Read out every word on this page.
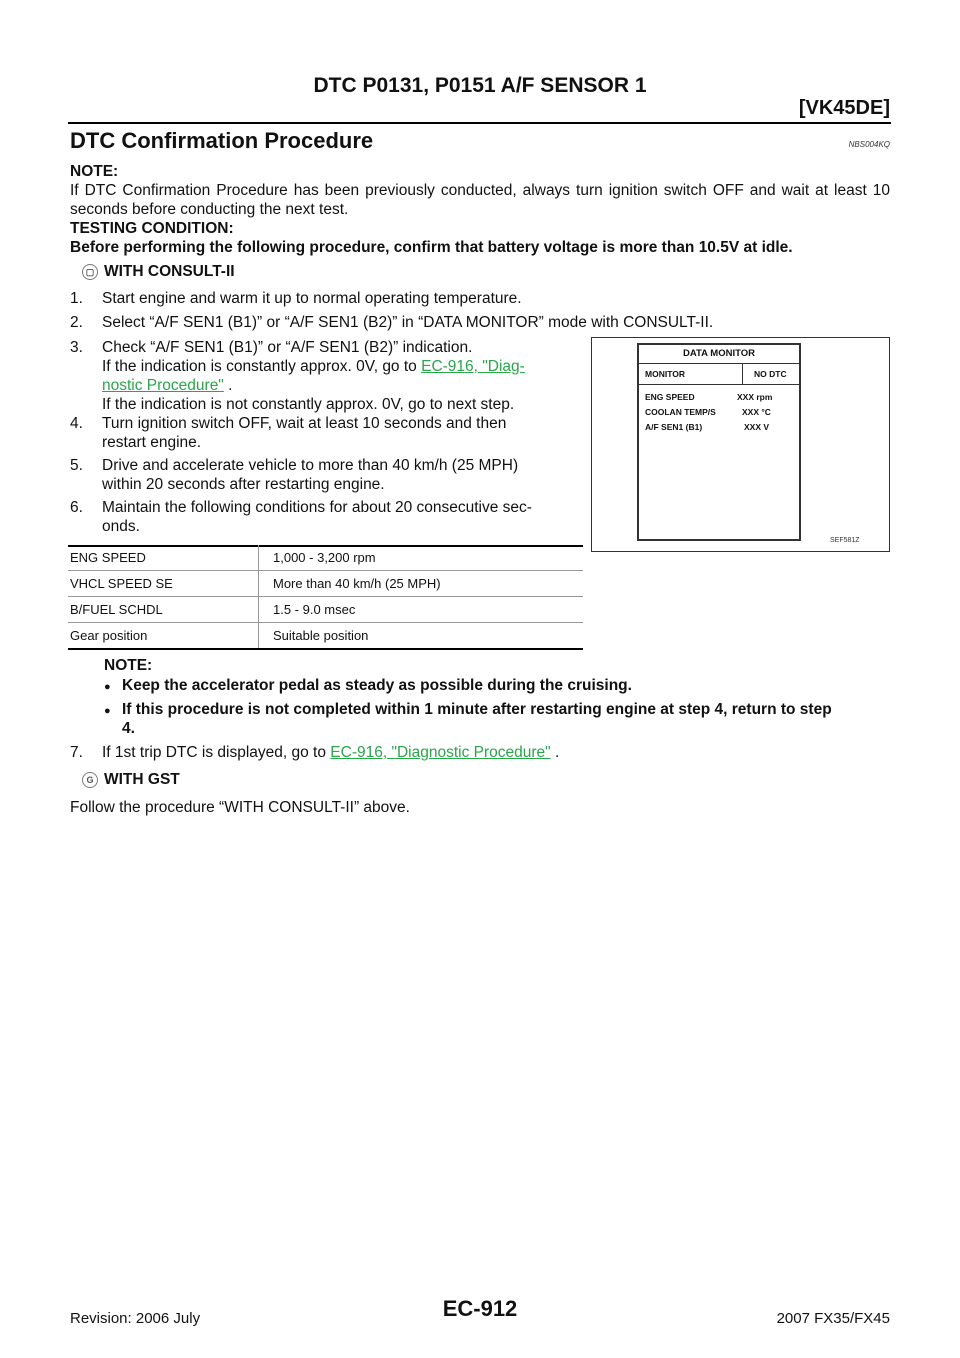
DTC P0131, P0151 A/F SENSOR 1
[VK45DE]
DTC Confirmation Procedure	NBS004KQ
NOTE:
If DTC Confirmation Procedure has been previously conducted, always turn ignition switch OFF and wait at least 10 seconds before conducting the next test.
TESTING CONDITION:
Before performing the following procedure, confirm that battery voltage is more than 10.5V at idle.
▢ WITH CONSULT-II
1. Start engine and warm it up to normal operating temperature.
2. Select “A/F SEN1 (B1)” or “A/F SEN1 (B2)” in “DATA MONITOR” mode with CONSULT-II.
3. Check “A/F SEN1 (B1)” or “A/F SEN1 (B2)” indication.
If the indication is constantly approx. 0V, go to EC-916, "Diag-
nostic Procedure" .
If the indication is not constantly approx. 0V, go to next step.
4. Turn ignition switch OFF, wait at least 10 seconds and then
restart engine.
5. Drive and accelerate vehicle to more than 40 km/h (25 MPH)
within 20 seconds after restarting engine.
6. Maintain the following conditions for about 20 consecutive sec-
onds.
ENG SPEED	1,000 - 3,200 rpm
VHCL SPEED SE	More than 40 km/h (25 MPH)
B/FUEL SCHDL	1.5 - 9.0 msec
Gear position	Suitable position
DATA MONITOR
MONITOR	NO DTC
ENG SPEED	XXX rpm
COOLAN TEMP/S	XXX °C
A/F SEN1 (B1)	XXX V
SEF581Z
NOTE:
● Keep the accelerator pedal as steady as possible during the cruising.
● If this procedure is not completed within 1 minute after restarting engine at step 4, return to step
4.
7. If 1st trip DTC is displayed, go to EC-916, "Diagnostic Procedure" .
G WITH GST
Follow the procedure “WITH CONSULT-II” above.
Revision: 2006 July	EC-912	2007 FX35/FX45
